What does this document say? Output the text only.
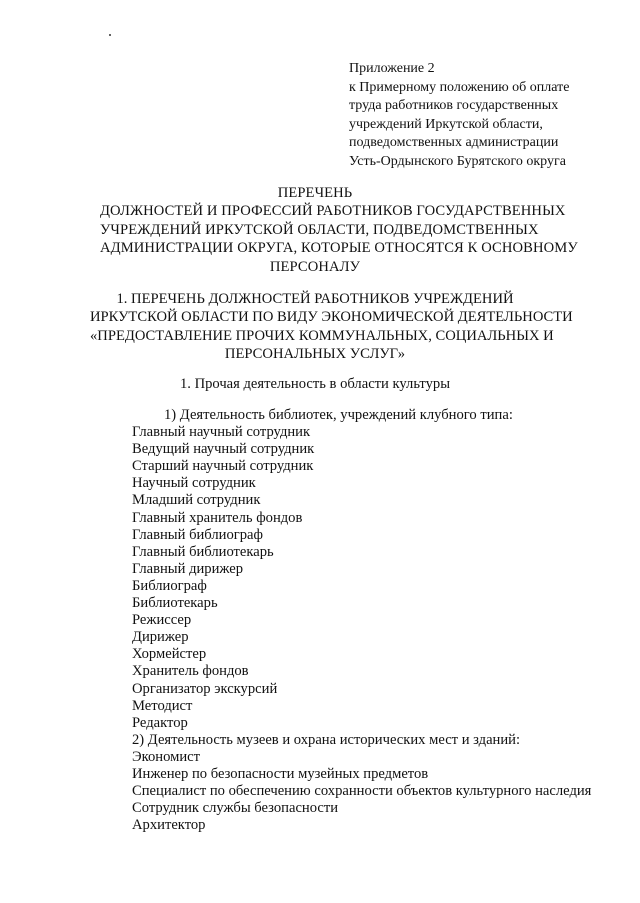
Приложение 2
к Примерному положению об оплате
труда работников государственных
учреждений Иркутской области,
подведомственных администрации
Усть-Ордынского Бурятского округа
ПЕРЕЧЕНЬ
ДОЛЖНОСТЕЙ И ПРОФЕССИЙ РАБОТНИКОВ ГОСУДАРСТВЕННЫХ
УЧРЕЖДЕНИЙ ИРКУТСКОЙ ОБЛАСТИ, ПОДВЕДОМСТВЕННЫХ
АДМИНИСТРАЦИИ ОКРУГА, КОТОРЫЕ ОТНОСЯТСЯ К ОСНОВНОМУ
ПЕРСОНАЛУ
1. ПЕРЕЧЕНЬ ДОЛЖНОСТЕЙ РАБОТНИКОВ УЧРЕЖДЕНИЙ
ИРКУТСКОЙ ОБЛАСТИ ПО ВИДУ ЭКОНОМИЧЕСКОЙ ДЕЯТЕЛЬНОСТИ
«ПРЕДОСТАВЛЕНИЕ ПРОЧИХ КОММУНАЛЬНЫХ, СОЦИАЛЬНЫХ И
ПЕРСОНАЛЬНЫХ УСЛУГ»
1. Прочая деятельность в области культуры
1) Деятельность библиотек, учреждений клубного типа:
Главный научный сотрудник
Ведущий научный сотрудник
Старший научный сотрудник
Научный сотрудник
Младший сотрудник
Главный хранитель фондов
Главный библиограф
Главный библиотекарь
Главный дирижер
Библиограф
Библиотекарь
Режиссер
Дирижер
Хормейстер
Хранитель фондов
Организатор экскурсий
Методист
Редактор
2) Деятельность музеев и охрана исторических мест и зданий:
Экономист
Инженер по безопасности музейных предметов
Специалист по обеспечению сохранности объектов культурного наследия
Сотрудник службы безопасности
Архитектор
